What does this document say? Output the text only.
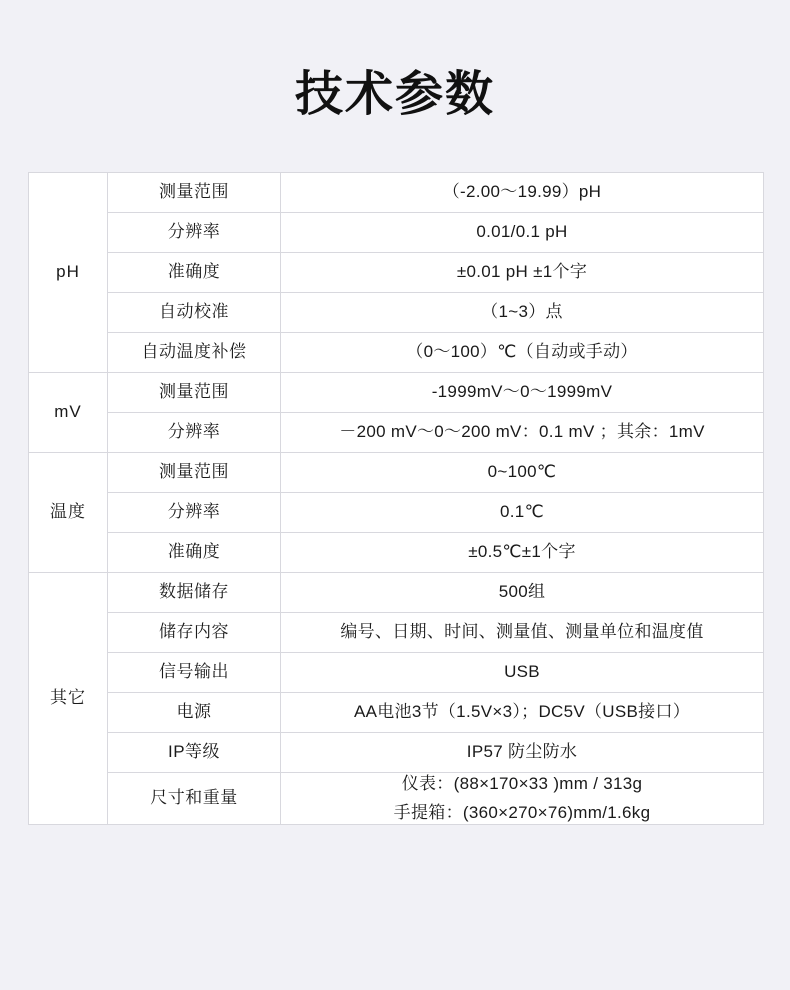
技术参数
pH	测量范围	（-2.00～19.99）pH
	分辨率	0.01/0.1 pH
	准确度	±0.01 pH ±1个字
	自动校准	（1~3）点
	自动温度补偿	（0～100）℃（自动或手动）
mV	测量范围	-1999mV～0～1999mV
	分辨率	－200 mV～0～200 mV：0.1 mV ；其余：1mV
温度	测量范围	0~100℃
	分辨率	0.1℃
	准确度	±0.5℃±1个字
其它	数据储存	500组
	储存内容	编号、日期、时间、测量值、测量单位和温度值
	信号输出	USB
	电源	AA电池3节（1.5V×3）；DC5V（USB接口）
	IP等级	IP57 防尘防水
	尺寸和重量	仪表：(88×170×33 )mm / 313g
手提箱：(360×270×76)mm/1.6kg
